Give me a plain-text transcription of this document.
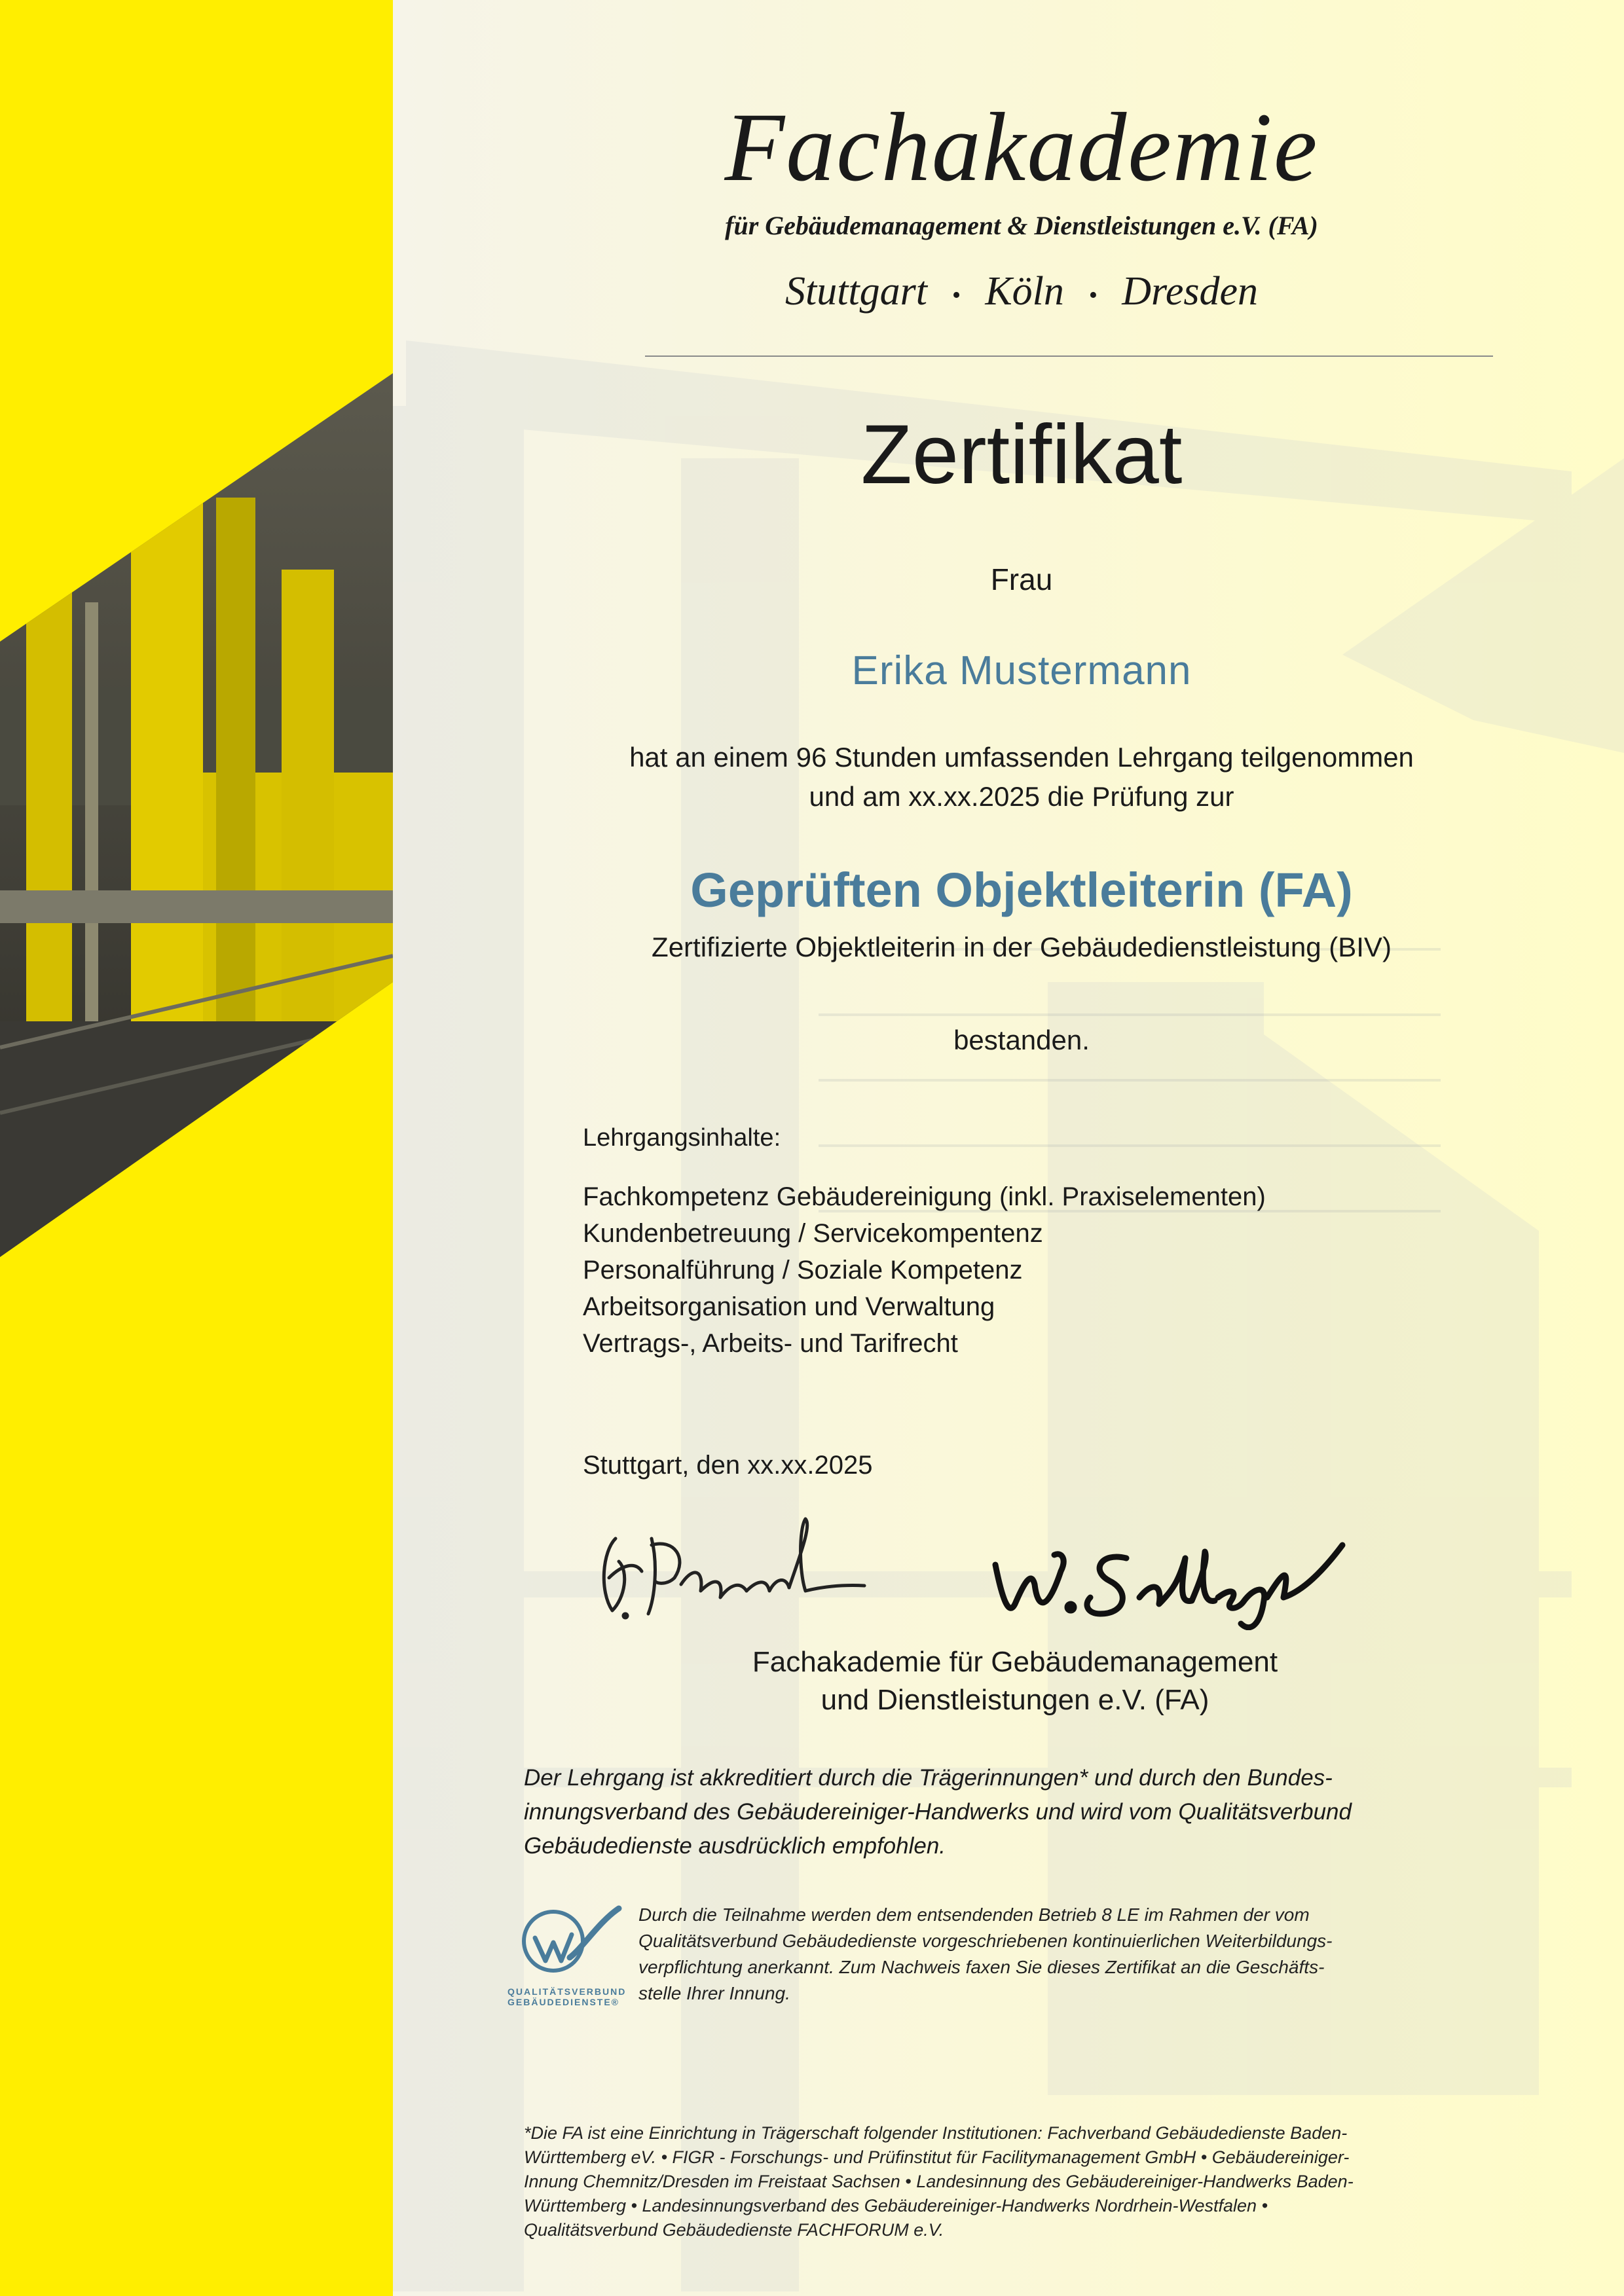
Fachakademie
für Gebäudemanagement & Dienstleistungen e.V. (FA)
Stuttgart • Köln • Dresden
Zertifikat
Frau
Erika Mustermann
hat an einem 96 Stunden umfassenden Lehrgang teilgenommen
und am xx.xx.2025 die Prüfung zur
Geprüften Objektleiterin (FA)
Zertifizierte Objektleiterin in der Gebäudedienstleistung (BIV)
bestanden.
Lehrgangsinhalte:
Fachkompetenz Gebäudereinigung (inkl. Praxiselementen)
Kundenbetreuung / Servicekompentenz
Personalführung / Soziale Kompetenz
Arbeitsorganisation und Verwaltung
Vertrags-, Arbeits- und Tarifrecht
Stuttgart, den xx.xx.2025
Fachakademie für Gebäudemanagement
und Dienstleistungen e.V. (FA)
Der Lehrgang ist akkreditiert durch die Trägerinnungen* und durch den Bundes-
innungsverband des Gebäudereiniger-Handwerks und wird vom Qualitätsverbund
Gebäudedienste ausdrücklich empfohlen.
QUALITÄTSVERBUND
GEBÄUDEDIENSTE®
Durch die Teilnahme werden dem entsendenden Betrieb 8 LE im Rahmen der vom
Qualitätsverbund Gebäudedienste vorgeschriebenen kontinuierlichen Weiterbildungs-
verpflichtung anerkannt. Zum Nachweis faxen Sie dieses Zertifikat an die Geschäfts-
stelle Ihrer Innung.
*Die FA ist eine Einrichtung in Trägerschaft folgender Institutionen: Fachverband Gebäudedienste Baden-
Württemberg eV. • FIGR - Forschungs- und Prüfinstitut für Facilitymanagement GmbH • Gebäudereiniger-
Innung Chemnitz/Dresden im Freistaat Sachsen • Landesinnung des Gebäudereiniger-Handwerks Baden-
Württemberg • Landesinnungsverband des Gebäudereiniger-Handwerks Nordrhein-Westfalen •
Qualitätsverbund Gebäudedienste FACHFORUM e.V.
